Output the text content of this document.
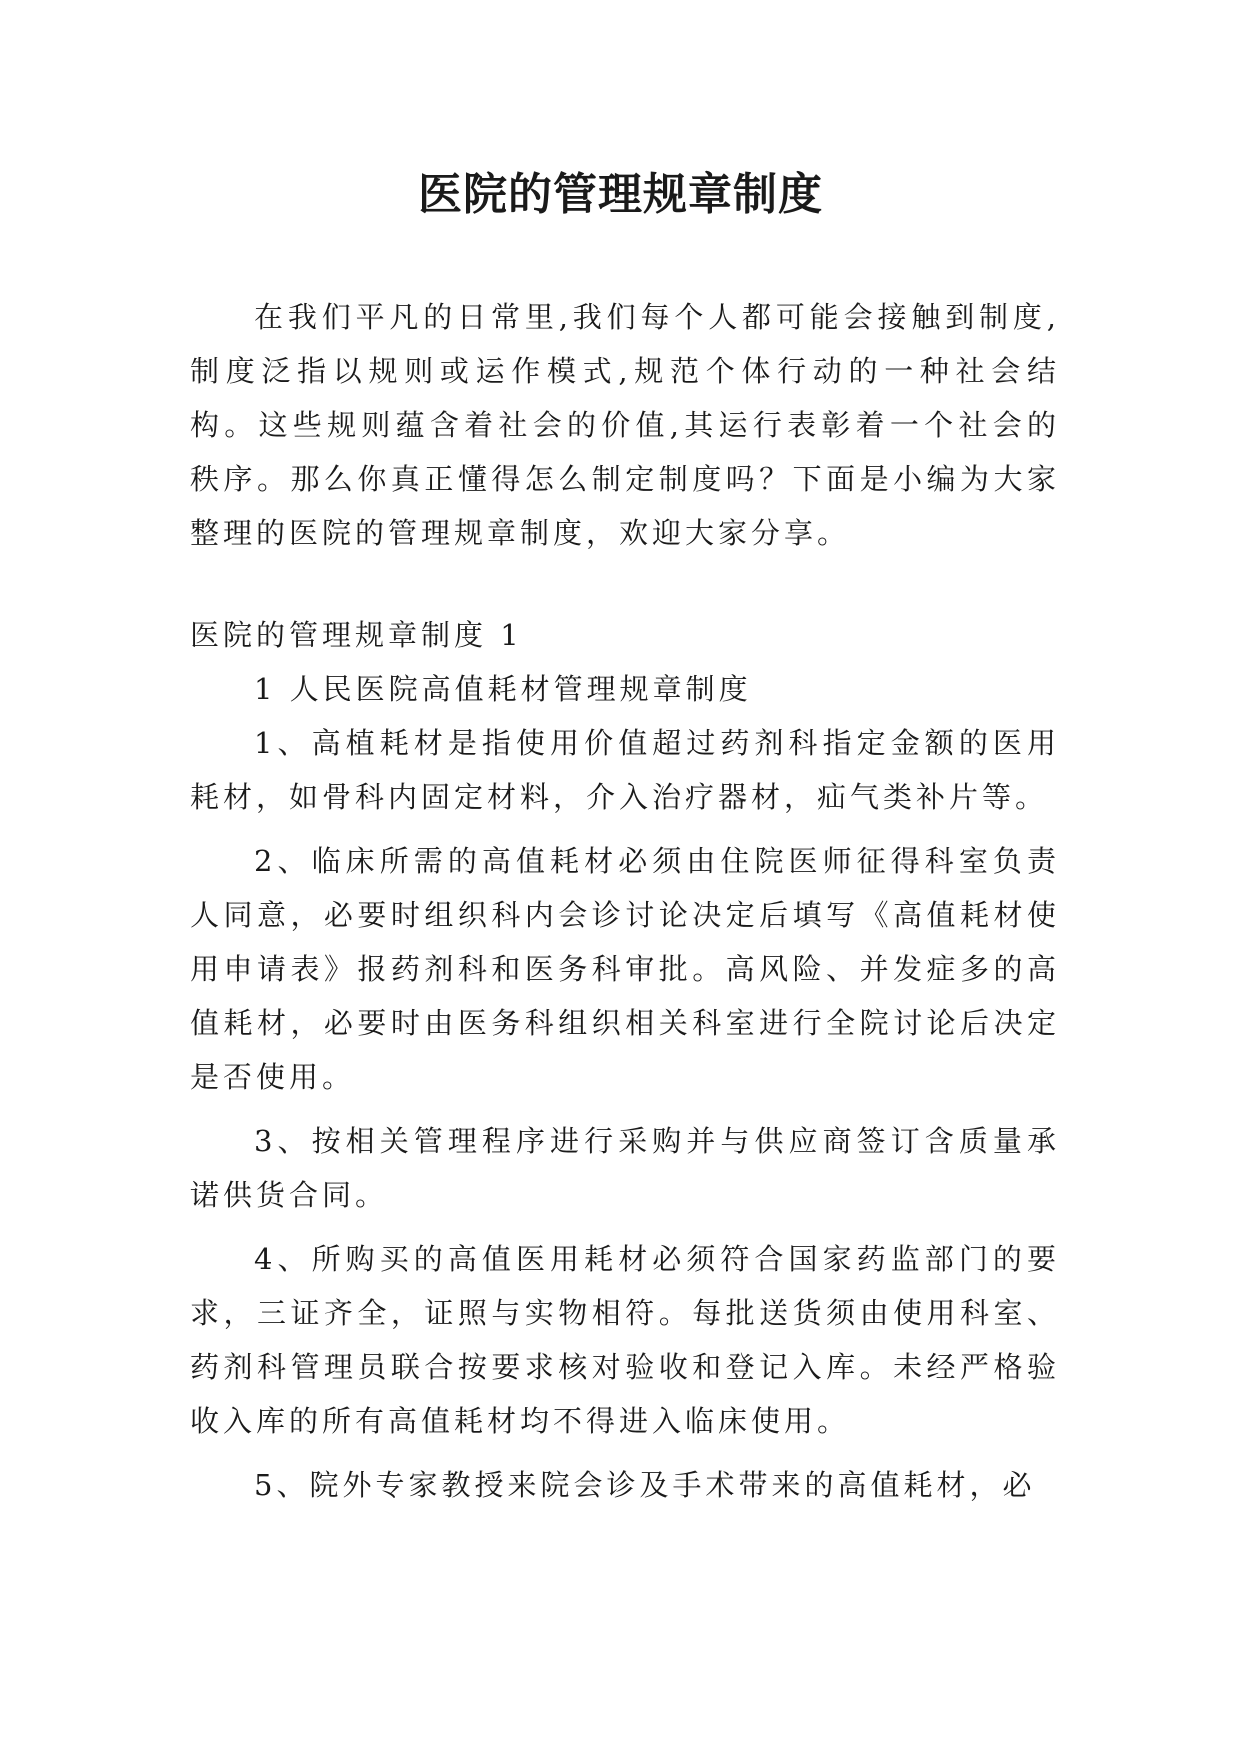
医院的管理规章制度

在我们平凡的日常里,我们每个人都可能会接触到制度,制度泛指以规则或运作模式,规范个体行动的一种社会结构。这些规则蕴含着社会的价值,其运行表彰着一个社会的秩序。那么你真正懂得怎么制定制度吗？下面是小编为大家整理的医院的管理规章制度，欢迎大家分享。

医院的管理规章制度 1

1 人民医院高值耗材管理规章制度

1、高植耗材是指使用价值超过药剂科指定金额的医用耗材，如骨科内固定材料，介入治疗器材，疝气类补片等。

2、临床所需的高值耗材必须由住院医师征得科室负责人同意，必要时组织科内会诊讨论决定后填写《高值耗材使用申请表》报药剂科和医务科审批。高风险、并发症多的高值耗材，必要时由医务科组织相关科室进行全院讨论后决定是否使用。

3、按相关管理程序进行采购并与供应商签订含质量承诺供货合同。

4、所购买的高值医用耗材必须符合国家药监部门的要求，三证齐全，证照与实物相符。每批送货须由使用科室、药剂科管理员联合按要求核对验收和登记入库。未经严格验收入库的所有高值耗材均不得进入临床使用。

5、院外专家教授来院会诊及手术带来的高值耗材，必
